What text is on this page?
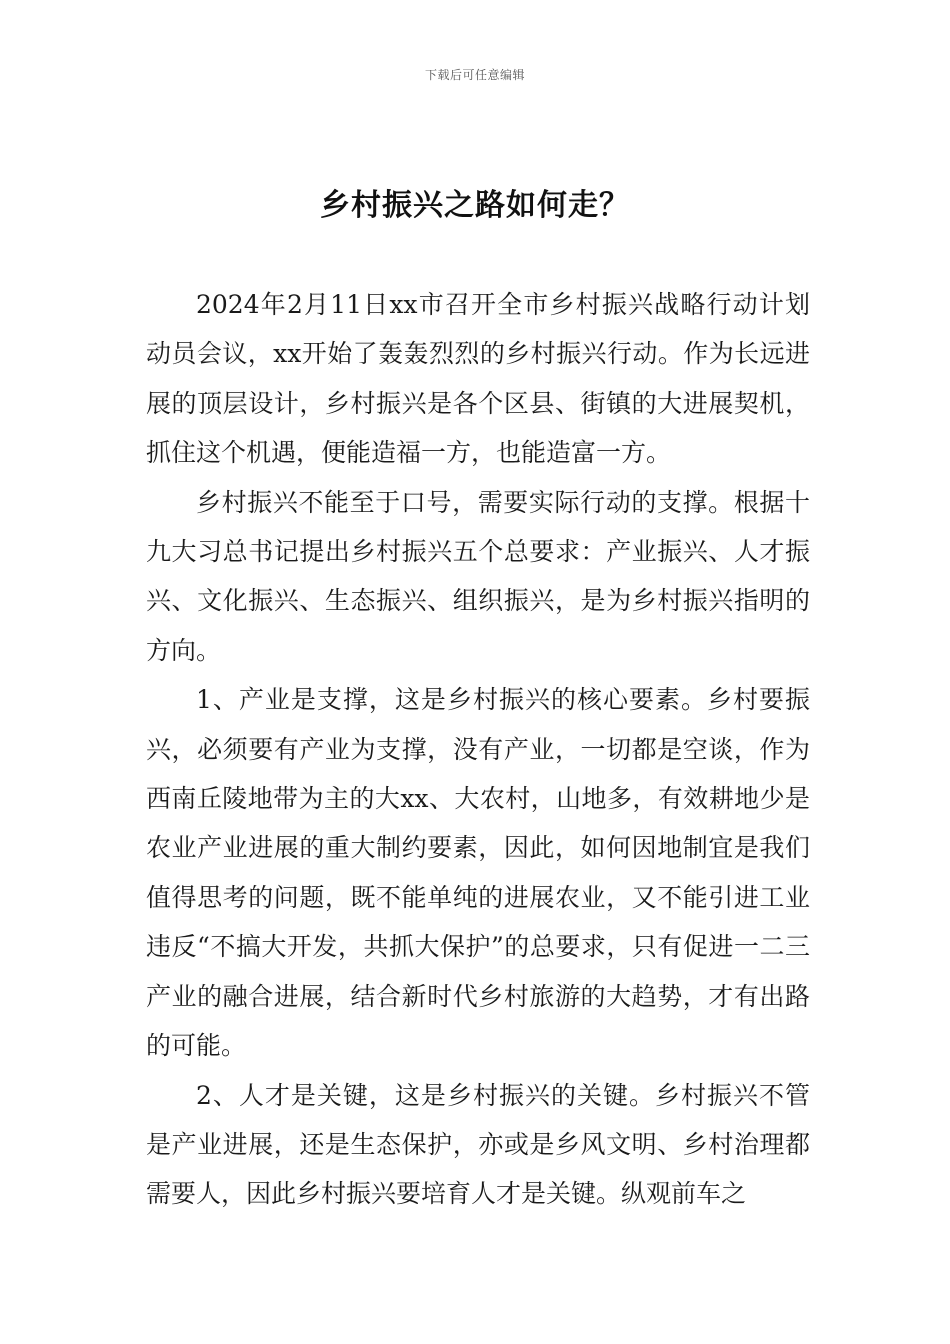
下载后可任意编辑
乡村振兴之路如何走？

2024年2月11日xx市召开全市乡村振兴战略行动计划动员会议，xx开始了轰轰烈烈的乡村振兴行动。作为长远进展的顶层设计，乡村振兴是各个区县、街镇的大进展契机，抓住这个机遇，便能造福一方，也能造富一方。

乡村振兴不能至于口号，需要实际行动的支撑。根据十九大习总书记提出乡村振兴五个总要求：产业振兴、人才振兴、文化振兴、生态振兴、组织振兴，是为乡村振兴指明的方向。

1、产业是支撑，这是乡村振兴的核心要素。乡村要振兴，必须要有产业为支撑，没有产业，一切都是空谈，作为西南丘陵地带为主的大xx、大农村，山地多，有效耕地少是农业产业进展的重大制约要素，因此，如何因地制宜是我们值得思考的问题，既不能单纯的进展农业，又不能引进工业违反“不搞大开发，共抓大保护”的总要求，只有促进一二三产业的融合进展，结合新时代乡村旅游的大趋势，才有出路的可能。

2、人才是关键，这是乡村振兴的关键。乡村振兴不管是产业进展，还是生态保护，亦或是乡风文明、乡村治理都需要人，因此乡村振兴要培育人才是关键。纵观前车之
